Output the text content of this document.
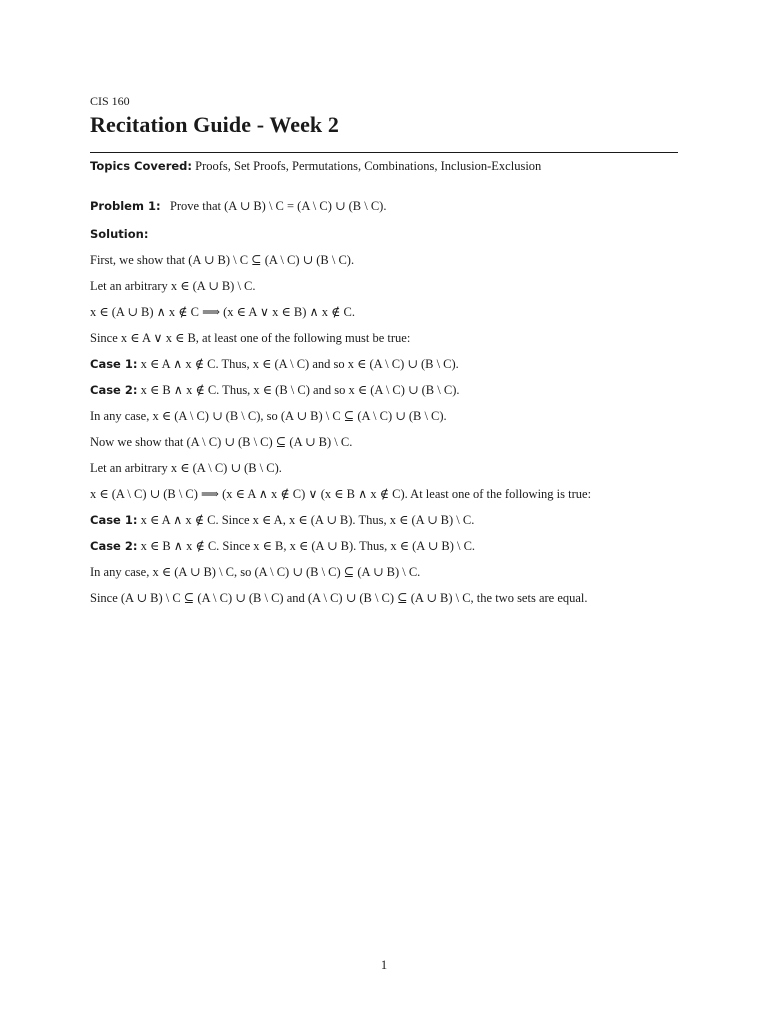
CIS 160
Recitation Guide - Week 2
Topics Covered: Proofs, Set Proofs, Permutations, Combinations, Inclusion-Exclusion
Problem 1: Prove that (A ∪ B) \ C = (A \ C) ∪ (B \ C).
Solution:
First, we show that (A ∪ B) \ C ⊆ (A \ C) ∪ (B \ C).
Let an arbitrary x ∈ (A ∪ B) \ C.
x ∈ (A ∪ B) ∧ x ∉ C ⟹ (x ∈ A ∨ x ∈ B) ∧ x ∉ C.
Since x ∈ A ∨ x ∈ B, at least one of the following must be true:
Case 1: x ∈ A ∧ x ∉ C. Thus, x ∈ (A \ C) and so x ∈ (A \ C) ∪ (B \ C).
Case 2: x ∈ B ∧ x ∉ C. Thus, x ∈ (B \ C) and so x ∈ (A \ C) ∪ (B \ C).
In any case, x ∈ (A \ C) ∪ (B \ C), so (A ∪ B) \ C ⊆ (A \ C) ∪ (B \ C).
Now we show that (A \ C) ∪ (B \ C) ⊆ (A ∪ B) \ C.
Let an arbitrary x ∈ (A \ C) ∪ (B \ C).
x ∈ (A \ C) ∪ (B \ C) ⟹ (x ∈ A ∧ x ∉ C) ∨ (x ∈ B ∧ x ∉ C). At least one of the following is true:
Case 1: x ∈ A ∧ x ∉ C. Since x ∈ A, x ∈ (A ∪ B). Thus, x ∈ (A ∪ B) \ C.
Case 2: x ∈ B ∧ x ∉ C. Since x ∈ B, x ∈ (A ∪ B). Thus, x ∈ (A ∪ B) \ C.
In any case, x ∈ (A ∪ B) \ C, so (A \ C) ∪ (B \ C) ⊆ (A ∪ B) \ C.
Since (A ∪ B) \ C ⊆ (A \ C) ∪ (B \ C) and (A \ C) ∪ (B \ C) ⊆ (A ∪ B) \ C, the two sets are equal.
1
